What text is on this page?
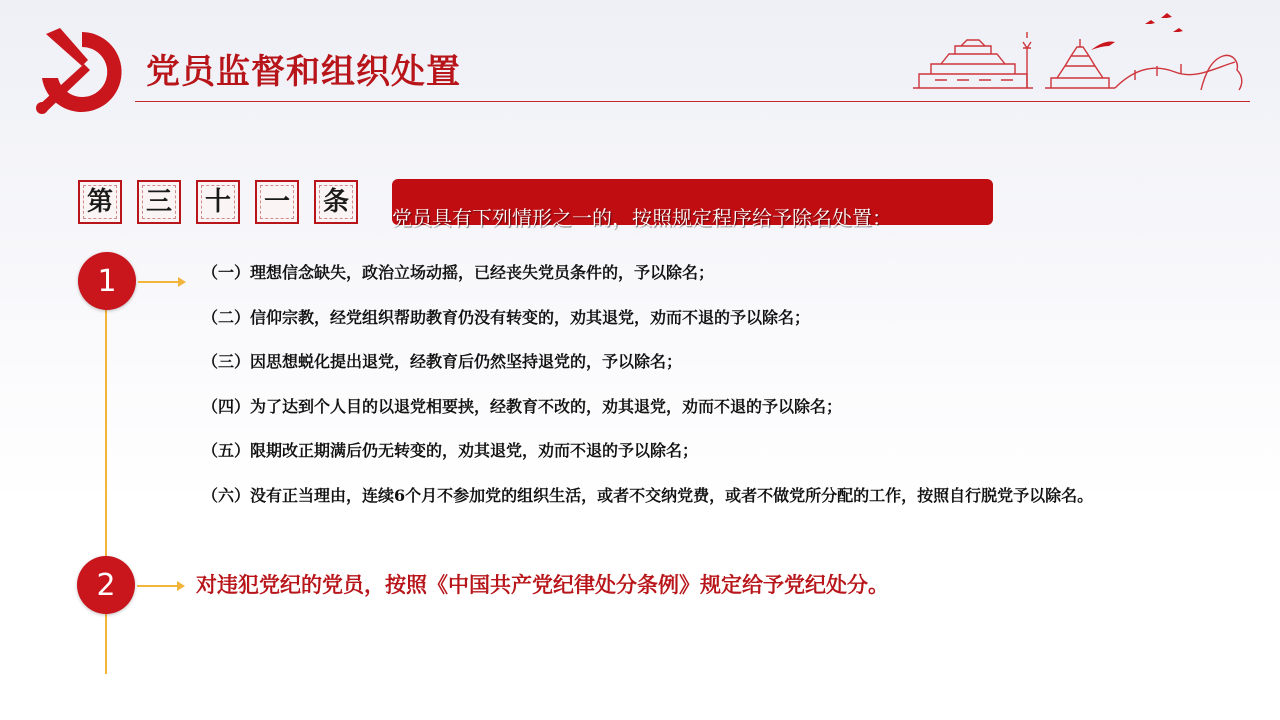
党员监督和组织处置
第 三 十 一 条
党员具有下列情形之一的，按照规定程序给予除名处置：
1	（一）理想信念缺失，政治立场动摇，已经丧失党员条件的，予以除名；
（二）信仰宗教，经党组织帮助教育仍没有转变的，劝其退党，劝而不退的予以除名；
（三）因思想蜕化提出退党，经教育后仍然坚持退党的，予以除名；
（四）为了达到个人目的以退党相要挟，经教育不改的，劝其退党，劝而不退的予以除名；
（五）限期改正期满后仍无转变的，劝其退党，劝而不退的予以除名；
（六）没有正当理由，连续6个月不参加党的组织生活，或者不交纳党费，或者不做党所分配的工作，按照自行脱党予以除名。
2	对违犯党纪的党员，按照《中国共产党纪律处分条例》规定给予党纪处分。
